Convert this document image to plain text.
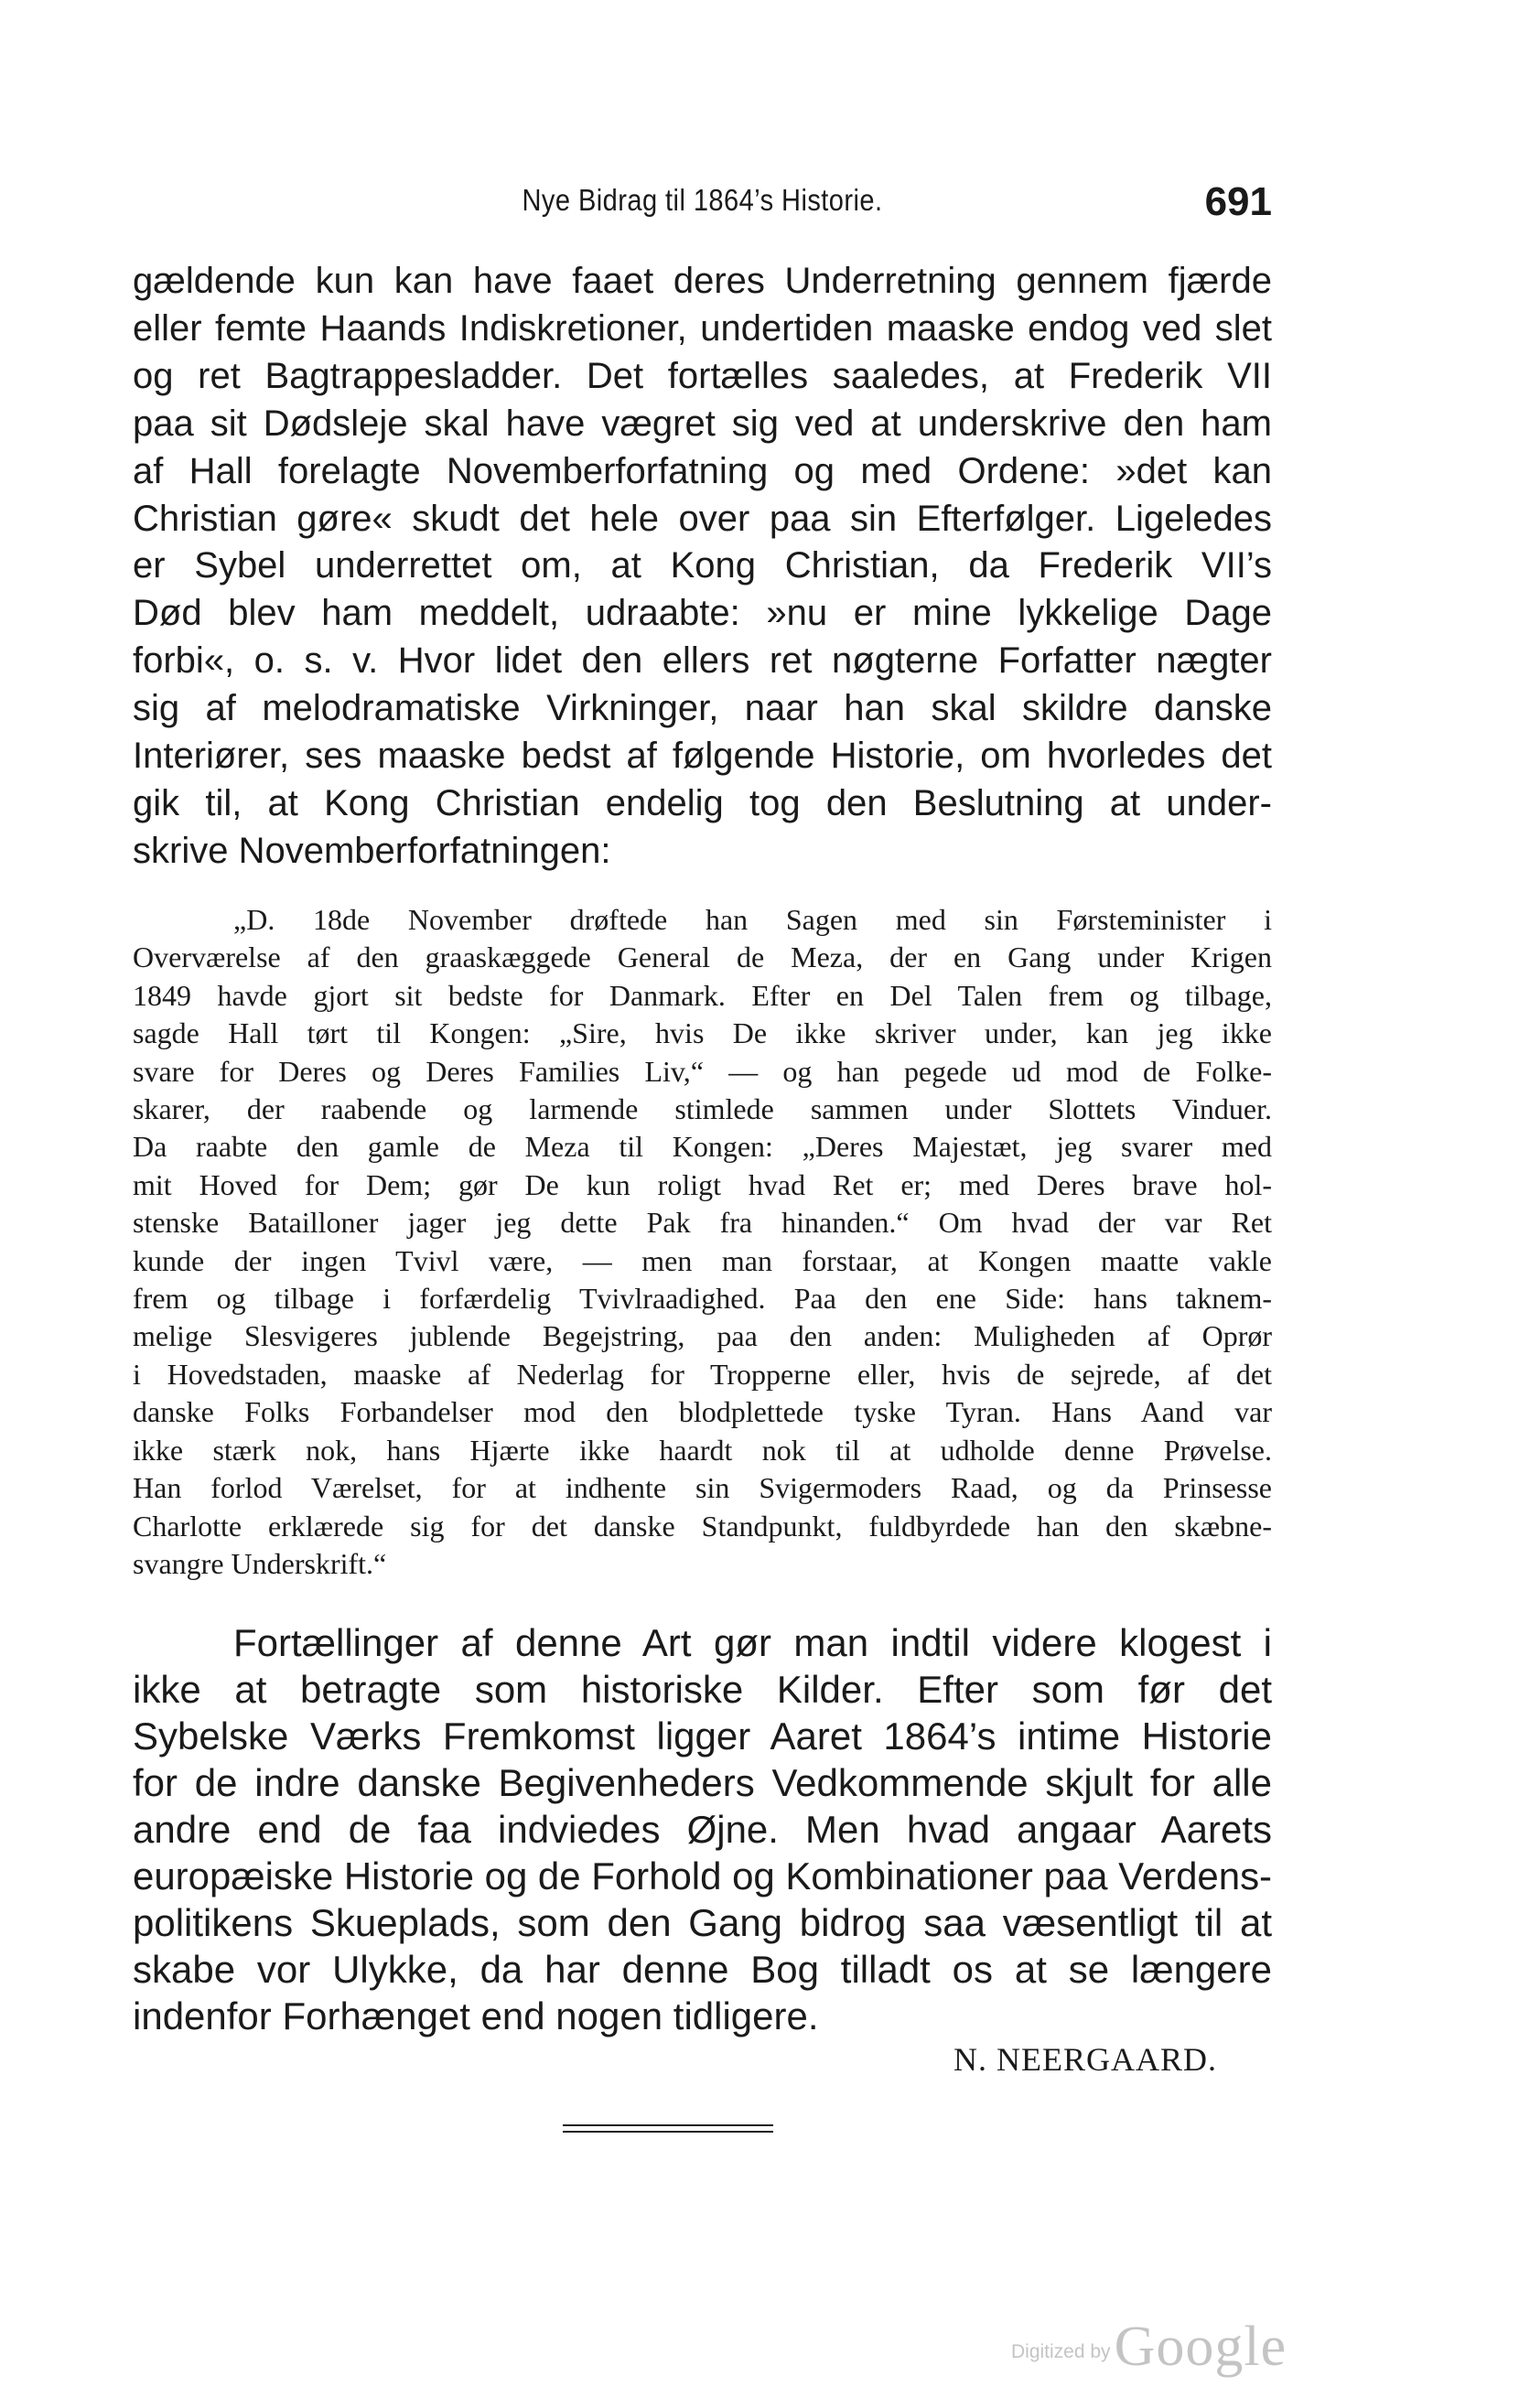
Nye Bidrag til 1864’s Historie.	691
gældende kun kan have faaet deres Underretning gennem fjærde
eller femte Haands Indiskretioner, undertiden maaske endog ved slet
og ret Bagtrappesladder. Det fortælles saaledes, at Frederik VII
paa sit Dødsleje skal have vægret sig ved at underskrive den ham
af Hall forelagte Novemberforfatning og med Ordene: »det kan
Christian gøre« skudt det hele over paa sin Efterfølger. Ligeledes
er Sybel underrettet om, at Kong Christian, da Frederik VII’s
Død blev ham meddelt, udraabte: »nu er mine lykkelige Dage
forbi«, o. s. v. Hvor lidet den ellers ret nøgterne Forfatter nægter
sig af melodramatiske Virkninger, naar han skal skildre danske
Interiører, ses maaske bedst af følgende Historie, om hvorledes det
gik til, at Kong Christian endelig tog den Beslutning at under-
skrive Novemberforfatningen:
„D. 18de November drøftede han Sagen med sin Førsteminister i
Overværelse af den graaskæggede General de Meza, der en Gang under Krigen
1849 havde gjort sit bedste for Danmark. Efter en Del Talen frem og tilbage,
sagde Hall tørt til Kongen: „Sire, hvis De ikke skriver under, kan jeg ikke
svare for Deres og Deres Families Liv,“ — og han pegede ud mod de Folke-
skarer, der raabende og larmende stimlede sammen under Slottets Vinduer.
Da raabte den gamle de Meza til Kongen: „Deres Majestæt, jeg svarer med
mit Hoved for Dem; gør De kun roligt hvad Ret er; med Deres brave hol-
stenske Batailloner jager jeg dette Pak fra hinanden.“ Om hvad der var Ret
kunde der ingen Tvivl være, — men man forstaar, at Kongen maatte vakle
frem og tilbage i forfærdelig Tvivlraadighed. Paa den ene Side: hans taknem-
melige Slesvigeres jublende Begejstring, paa den anden: Muligheden af Oprør
i Hovedstaden, maaske af Nederlag for Tropperne eller, hvis de sejrede, af det
danske Folks Forbandelser mod den blodplettede tyske Tyran. Hans Aand var
ikke stærk nok, hans Hjærte ikke haardt nok til at udholde denne Prøvelse.
Han forlod Værelset, for at indhente sin Svigermoders Raad, og da Prinsesse
Charlotte erklærede sig for det danske Standpunkt, fuldbyrdede han den skæbne-
svangre Underskrift.“
Fortællinger af denne Art gør man indtil videre klogest i
ikke at betragte som historiske Kilder. Efter som før det
Sybelske Værks Fremkomst ligger Aaret 1864’s intime Historie
for de indre danske Begivenheders Vedkommende skjult for alle
andre end de faa indviedes Øjne. Men hvad angaar Aarets
europæiske Historie og de Forhold og Kombinationer paa Verdens-
politikens Skueplads, som den Gang bidrog saa væsentligt til at
skabe vor Ulykke, da har denne Bog tilladt os at se længere
indenfor Forhænget end nogen tidligere.
N. NEERGAARD.
Digitized by Google
